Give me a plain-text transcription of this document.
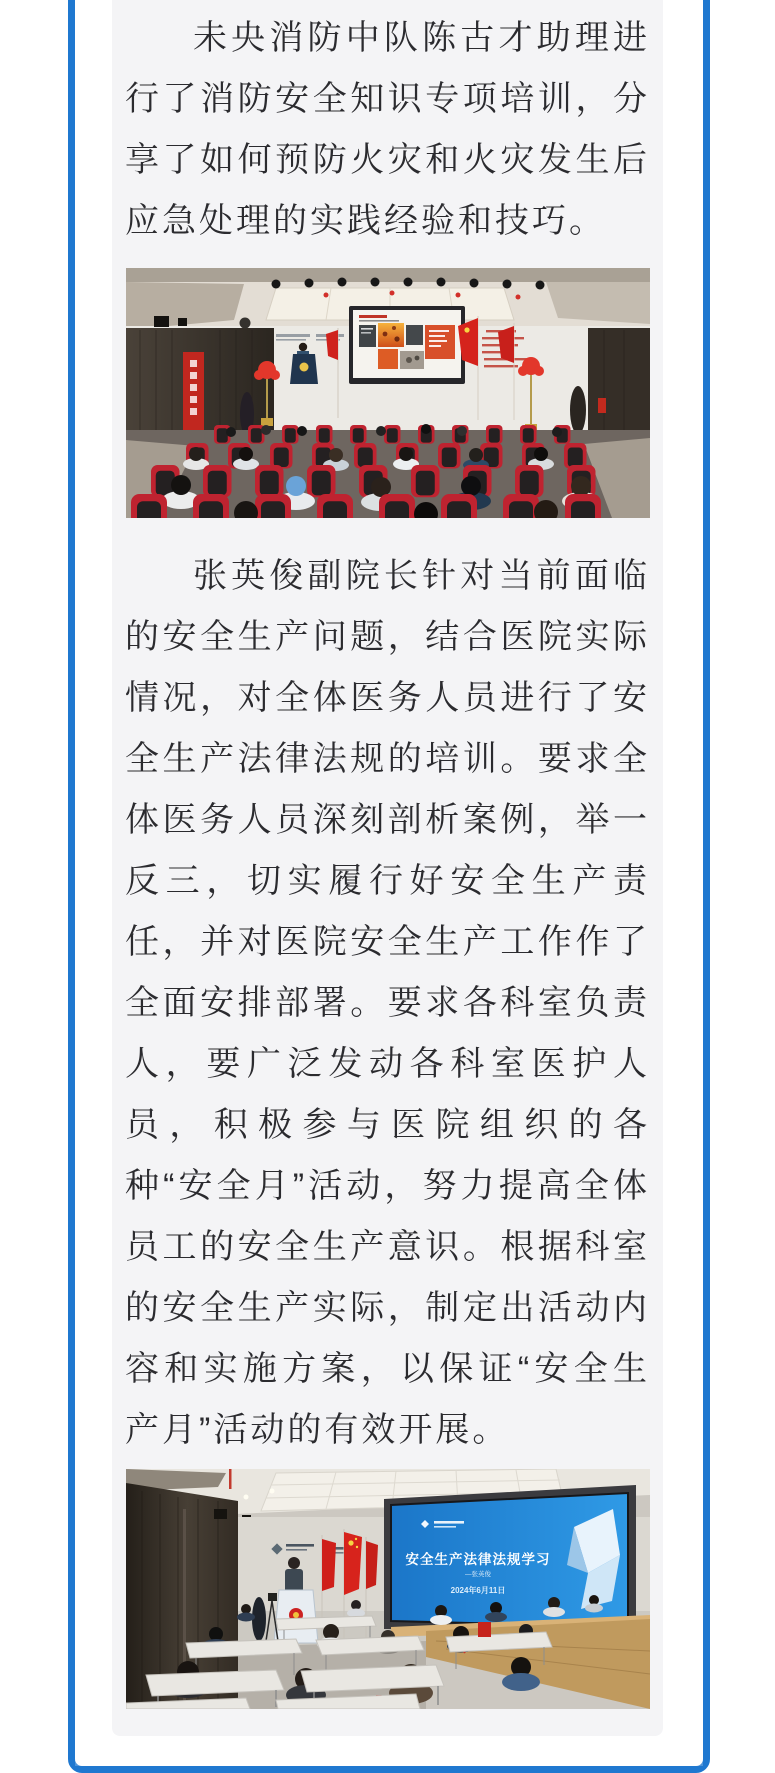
未央消防中队陈古才助理进行了消防安全知识专项培训，分享了如何预防火灾和火灾发生后应急处理的实践经验和技巧。

张英俊副院长针对当前面临的安全生产问题，结合医院实际情况，对全体医务人员进行了安全生产法律法规的培训。要求全体医务人员深刻剖析案例，举一反三，切实履行好安全生产责任，并对医院安全生产工作作了全面安排部署。要求各科室负责人，要广泛发动各科室医护人员，积极参与医院组织的各种“安全月”活动，努力提高全体员工的安全生产意识。根据科室的安全生产实际，制定出活动内容和实施方案，以保证“安全生产月”活动的有效开展。

安全生产法律法规学习
—张英俊
2024年6月11日
